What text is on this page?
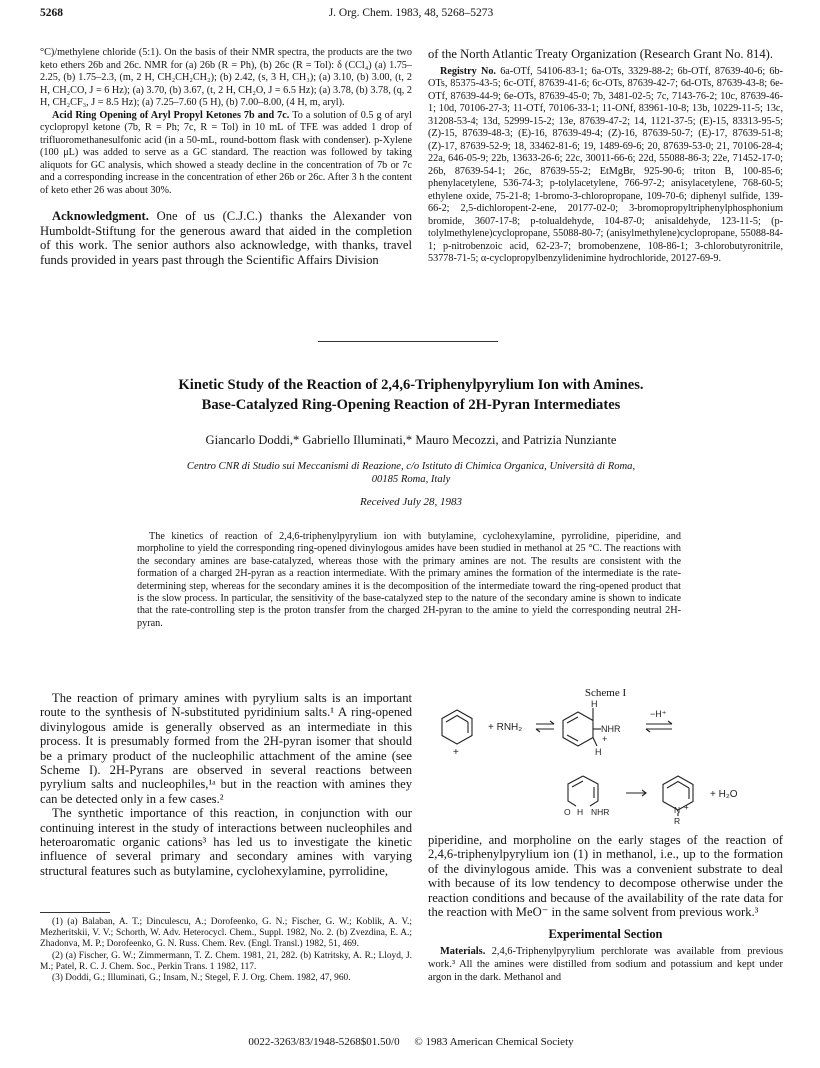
5268	J. Org. Chem. 1983, 48, 5268–5273

°C)/methylene chloride (5:1). On the basis of their NMR spectra, the products are the two keto ethers 26b and 26c. NMR for (a) 26b (R = Ph), (b) 26c (R = Tol): δ (CCl₄) (a) 1.75–2.25, (b) 1.75–2.3, (m, 2 H, CH₂CH₂CH₂); (b) 2.42, (s, 3 H, CH₃); (a) 3.10, (b) 3.00, (t, 2 H, CH₂CO, J = 6 Hz); (a) 3.70, (b) 3.67, (t, 2 H, CH₂O, J = 6.5 Hz); (a) 3.78, (b) 3.78, (q, 2 H, CH₂CF₃, J = 8.5 Hz); (a) 7.25–7.60 (5 H), (b) 7.00–8.00, (4 H, m, aryl).

Acid Ring Opening of Aryl Propyl Ketones 7b and 7c. To a solution of 0.5 g of aryl cyclopropyl ketone (7b, R = Ph; 7c, R = Tol) in 10 mL of TFE was added 1 drop of trifluoromethanesulfonic acid (in a 50-mL, round-bottom flask with condenser). p-Xylene (100 μL) was added to serve as a GC standard. The reaction was followed by taking aliquots for GC analysis, which showed a steady decline in the concentration of 7b or 7c and a corresponding increase in the concentration of ether 26b or 26c. After 3 h the content of keto ether 26 was about 30%.

Acknowledgment. One of us (C.J.C.) thanks the Alexander von Humboldt-Stiftung for the generous award that aided in the completion of this work. The senior authors also acknowledge, with thanks, travel funds provided in years past through the Scientific Affairs Division

of the North Atlantic Treaty Organization (Research Grant No. 814).

Registry No. 6a-OTf, 54106-83-1; 6a-OTs, 3329-88-2; 6b-OTf, 87639-40-6; 6b-OTs, 85375-43-5; 6c-OTf, 87639-41-6; 6c-OTs, 87639-42-7; 6d-OTs, 87639-43-8; 6e-OTf, 87639-44-9; 6e-OTs, 87639-45-0; 7b, 3481-02-5; 7c, 7143-76-2; 10c, 87639-46-1; 10d, 70106-27-3; 11-OTf, 70106-33-1; 11-ONf, 83961-10-8; 13b, 10229-11-5; 13c, 31208-53-4; 13d, 52999-15-2; 13e, 87639-47-2; 14, 1121-37-5; (E)-15, 83313-95-5; (Z)-15, 87639-48-3; (E)-16, 87639-49-4; (Z)-16, 87639-50-7; (E)-17, 87639-51-8; (Z)-17, 87639-52-9; 18, 33462-81-6; 19, 1489-69-6; 20, 87639-53-0; 21, 70106-28-4; 22a, 646-05-9; 22b, 13633-26-6; 22c, 30011-66-6; 22d, 55088-86-3; 22e, 71452-17-0; 26b, 87639-54-1; 26c, 87639-55-2; EtMgBr, 925-90-6; triton B, 100-85-6; phenylacetylene, 536-74-3; p-tolylacetylene, 766-97-2; anisylacetylene, 768-60-5; ethylene oxide, 75-21-8; 1-bromo-3-chloropropane, 109-70-6; diphenyl sulfide, 139-66-2; 2,5-dichloropent-2-ene, 20177-02-0; 3-bromopropyltriphenylphosphonium bromide, 3607-17-8; p-tolualdehyde, 104-87-0; anisaldehyde, 123-11-5; (p-tolylmethylene)cyclopropane, 55088-80-7; (anisylmethylene)cyclopropane, 55088-84-1; p-nitrobenzoic acid, 62-23-7; bromobenzene, 108-86-1; 3-chlorobutyronitrile, 53778-71-5; α-cyclopropylbenzylidenimine hydrochloride, 20127-69-9.

Kinetic Study of the Reaction of 2,4,6-Triphenylpyrylium Ion with Amines.
Base-Catalyzed Ring-Opening Reaction of 2H-Pyran Intermediates
Giancarlo Doddi,* Gabriello Illuminati,* Mauro Mecozzi, and Patrizia Nunziante
Centro CNR di Studio sui Meccanismi di Reazione, c/o Istituto di Chimica Organica, Università di Roma,
00185 Roma, Italy
Received July 28, 1983
The kinetics of reaction of 2,4,6-triphenylpyrylium ion with butylamine, cyclohexylamine, pyrrolidine, piperidine, and morpholine to yield the corresponding ring-opened divinylogous amides have been studied in methanol at 25 °C. The reactions with the secondary amines are base-catalyzed, whereas those with the primary amines are not. The results are consistent with the formation of a charged 2H-pyran as a reaction intermediate. With the primary amines the formation of the intermediate is the rate-determining step, whereas for the secondary amines it is the decomposition of the intermediate toward the ring-opened product that is the slow process. In particular, the sensitivity of the base-catalyzed step to the nature of the secondary amine is shown to indicate that the rate-controlling step is the proton transfer from the charged 2H-pyran to the amine to yield the corresponding neutral 2H-pyran.

The reaction of primary amines with pyrylium salts is an important route to the synthesis of N-substituted pyridinium salts.¹ A ring-opened divinylogous amide is generally observed as an intermediate in this process. It is presumably formed from the 2H-pyran isomer that should be a primary product of the nucleophilic attachment of the amine (see Scheme I). 2H-Pyrans are observed in several reactions between pyrylium salts and nucleophiles,¹ᵃ but in the reaction with amines they can be detected only in a few cases.²

The synthetic importance of this reaction, in conjunction with our continuing interest in the study of interactions between nucleophiles and heteroaromatic organic cations³ has led us to investigate the kinetic influence of several primary and secondary amines with varying structural features such as butylamine, cyclohexylamine, pyrrolidine,

(1) (a) Balaban, A. T.; Dinculescu, A.; Dorofeenko, G. N.; Fischer, G. W.; Koblik, A. V.; Mezheritskii, V. V.; Schorth, W. Adv. Heterocycl. Chem., Suppl. 1982, No. 2. (b) Zvezdina, E. A.; Zhadonva, M. P.; Dorofeenko, G. N. Russ. Chem. Rev. (Engl. Transl.) 1982, 51, 469.

(2) (a) Fischer, G. W.; Zimmermann, T. Z. Chem. 1981, 21, 282. (b) Katritsky, A. R.; Lloyd, J. M.; Patel, R. C. J. Chem. Soc., Perkin Trans. 1 1982, 117.

(3) Doddi, G.; Illuminati, G.; Insam, N.; Stegel, F. J. Org. Chem. 1982, 47, 960.

Scheme I
+
+ RNH₂
H
NHR
+
H
−H⁺
O H NHR	N +
R
+ H₂O

piperidine, and morpholine on the early stages of the reaction of 2,4,6-triphenylpyrylium ion (1) in methanol, i.e., up to the formation of the divinylogous amide. This was a convenient substrate to deal with because of its low tendency to decompose otherwise under the reaction conditions and because of the availability of the rate data for the reaction with MeO⁻ in the same solvent from previous work.³

Experimental Section

Materials. 2,4,6-Triphenylpyrylium perchlorate was available from previous work.³ All the amines were distilled from sodium and potassium and kept under argon in the dark. Methanol and

0022-3263/83/1948-5268$01.50/0 © 1983 American Chemical Society
